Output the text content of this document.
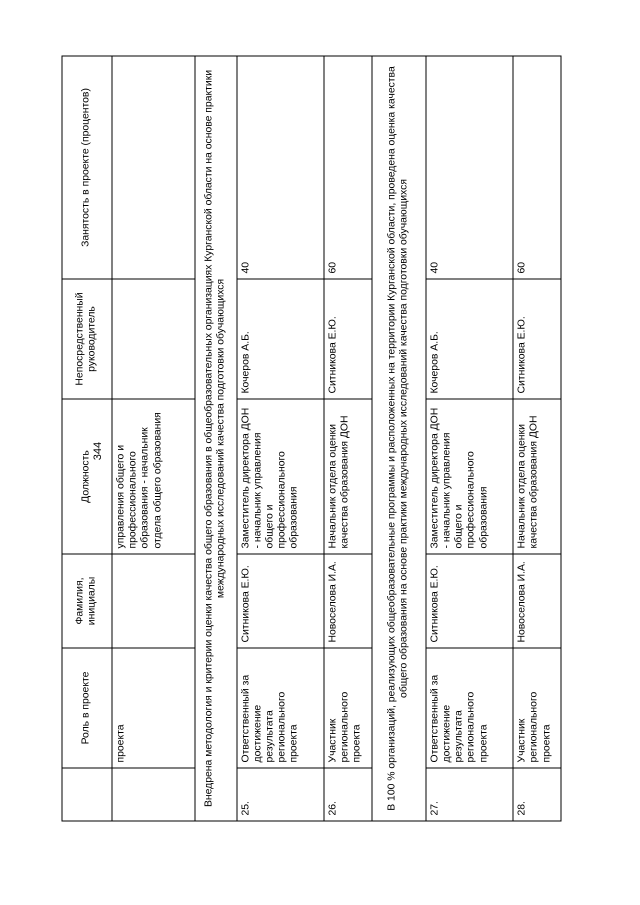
344
	Роль в проекте	Фамилия, инициалы	Должность	Непосредственный руководитель	Занятость в проекте (процентов)
	проекта		управления общего и профессионального образования - начальник отдела общего образования		
Внедрена методология и критерии оценки качества общего образования в общеобразовательных организациях Курганской области на основе практики международных исследований качества подготовки обучающихся					
25.	Ответственный за достижение результата регионального проекта	Ситникова Е.Ю.	Заместитель директора ДОН - начальник управления общего и профессионального образования	Кочеров А.Б.	40
26.	Участник регионального проекта	Новоселова И.А.	Начальник отдела оценки качества образования ДОН	Ситникова Е.Ю.	60
В 100 % организаций, реализующих общеобразовательные программы и расположенных на территории Курганской области, проведена оценка качества общего образования на основе практики международных исследований качества подготовки обучающихся					
27.	Ответственный за достижение результата регионального проекта	Ситникова Е.Ю.	Заместитель директора ДОН - начальник управления общего и профессионального образования	Кочеров А.Б.	40
28.	Участник регионального проекта	Новоселова И.А.	Начальник отдела оценки качества образования ДОН	Ситникова Е.Ю.	60
